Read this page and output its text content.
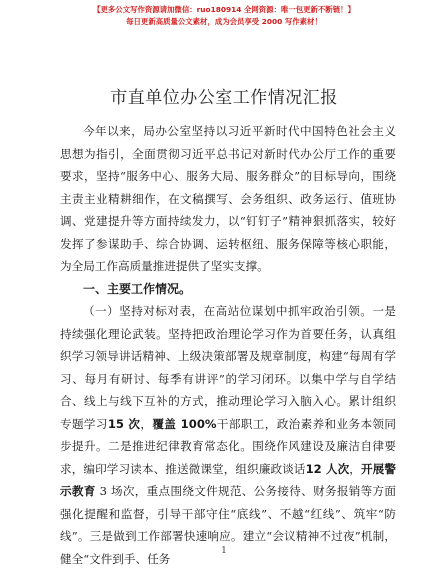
【更多公文写作资源请加微信：ruo180914 全网资源：唯一包更新不断链！】
每日更新高质量公文素材，成为会员享受 2000 写作素材！
市直单位办公室工作情况汇报

今年以来，局办公室坚持以习近平新时代中国特色社会主义思想为指引，全面贯彻习近平总书记对新时代办公厅工作的重要要求，坚持“服务中心、服务大局、服务群众”的目标导向，围绕主责主业精耕细作，在文稿撰写、会务组织、政务运行、值班协调、党建提升等方面持续发力，以“钉钉子”精神狠抓落实，较好发挥了参谋助手、综合协调、运转枢纽、服务保障等核心职能，为全局工作高质量推进提供了坚实支撑。

一、主要工作情况。

（一）坚持对标对表，在高站位谋划中抓牢政治引领。一是持续强化理论武装。坚持把政治理论学习作为首要任务，认真组织学习领导讲话精神、上级决策部署及规章制度，构建“每周有学习、每月有研讨、每季有讲评”的学习闭环。以集中学与自学结合、线上与线下互补的方式，推动理论学习入脑入心。累计组织专题学习15 次，覆盖 100%干部职工，政治素养和业务本领同步提升。二是推进纪律教育常态化。围绕作风建设及廉洁自律要求，编印学习读本、推送微课堂，组织廉政谈话12 人次，开展警示教育 3 场次，重点围绕文件规范、公务接待、财务报销等方面强化提醒和监督，引导干部守住“底线”、不越“红线”、筑牢“防线”。三是做到工作部署快速响应。建立“会议精神不过夜”机制，健全“文件到手、任务

1
